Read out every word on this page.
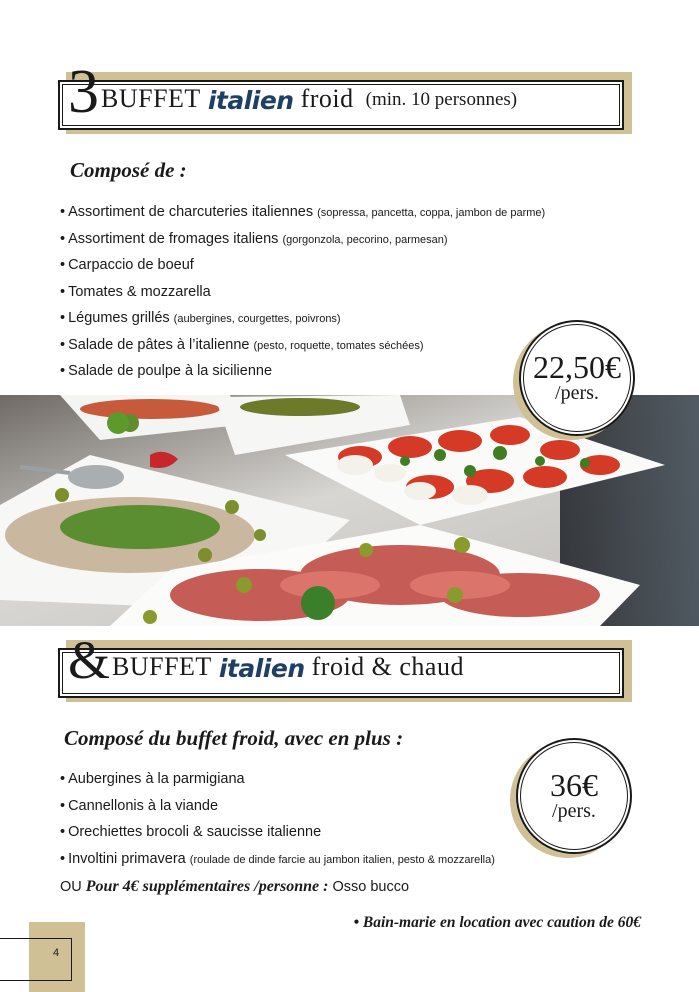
3 BUFFET italien froid (min. 10 personnes)
Composé de :
• Assortiment de charcuteries italiennes (sopressa, pancetta, coppa, jambon de parme)
• Assortiment de fromages italiens (gorgonzola, pecorino, parmesan)
• Carpaccio de boeuf
• Tomates & mozzarella
• Légumes grillés (aubergines, courgettes, poivrons)
• Salade de pâtes à l’italienne (pesto, roquette, tomates séchées)
• Salade de poulpe à la sicilienne	22,50€
/pers.
& BUFFET italien froid & chaud
Composé du buffet froid, avec en plus :
• Aubergines à la parmigiana
• Cannellonis à la viande
• Orechiettes brocoli & saucisse italienne
• Involtini primavera (roulade de dinde farcie au jambon italien, pesto & mozzarella)
OU Pour 4€ supplémentaires /personne : Osso bucco
36€
/pers.
• Bain-marie en location avec caution de 60€
4
